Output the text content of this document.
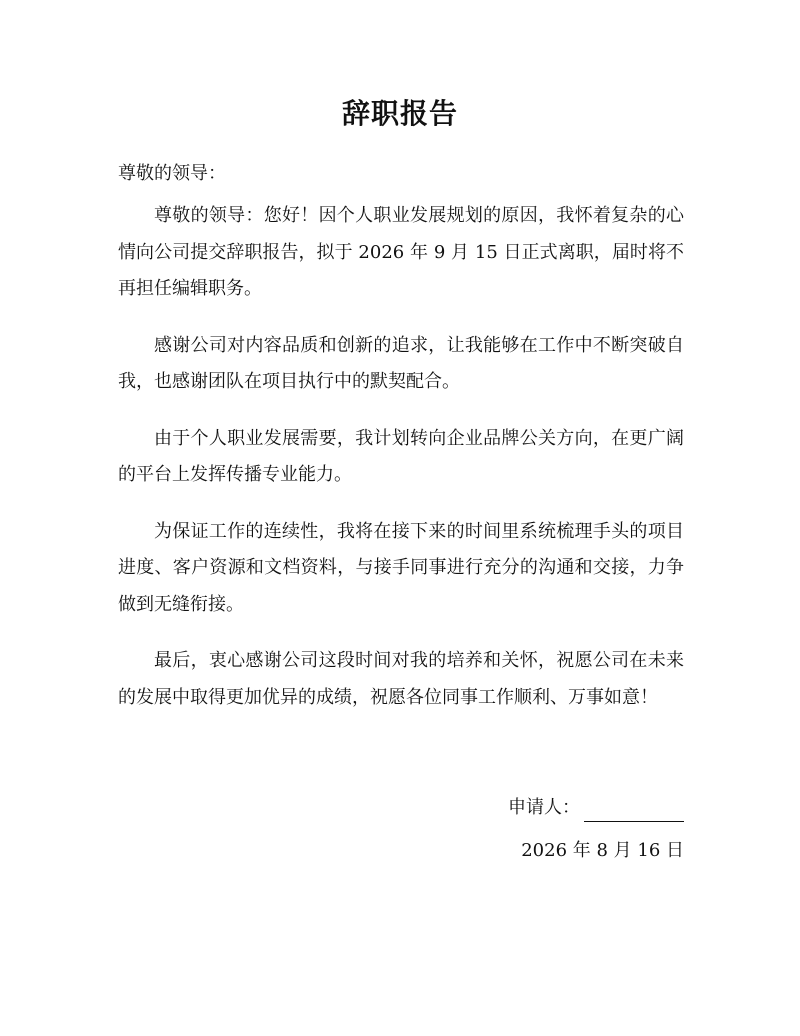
辞职报告
尊敬的领导：

尊敬的领导：您好！因个人职业发展规划的原因，我怀着复杂的心情向公司提交辞职报告，拟于 2026 年 9 月 15 日正式离职，届时将不再担任编辑职务。

感谢公司对内容品质和创新的追求，让我能够在工作中不断突破自我，也感谢团队在项目执行中的默契配合。

由于个人职业发展需要，我计划转向企业品牌公关方向，在更广阔的平台上发挥传播专业能力。

为保证工作的连续性，我将在接下来的时间里系统梳理手头的项目进度、客户资源和文档资料，与接手同事进行充分的沟通和交接，力争做到无缝衔接。

最后，衷心感谢公司这段时间对我的培养和关怀，祝愿公司在未来的发展中取得更加优异的成绩，祝愿各位同事工作顺利、万事如意！

申请人：
2026 年 8 月 16 日
